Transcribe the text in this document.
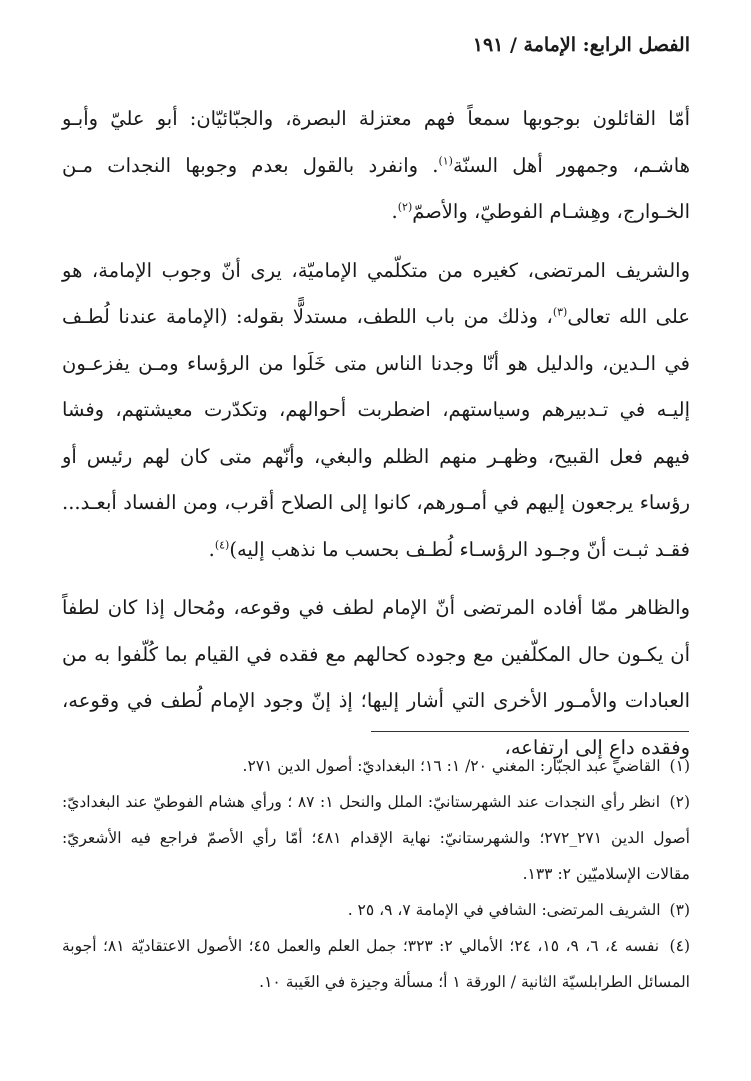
الفصل الرابع: الإمامة / ١٩١

أمّا القائلون بوجوبها سمعاً فهم معتزلة البصرة، والجبّائيّان: أبو عليّ وأبـو هاشـم، وجمهور أهل السنّة$^{(١)}$. وانفرد بالقول بعدم وجوبها النجدات مـن الخـوارج، وهِشـام الفوطيّ، والأصمّ$^{(٢)}$.

والشريف المرتضى، كغيره من متكلّمي الإماميّة، يرى أنّ وجوب الإمامة، هو على الله تعالى$^{(٣)}$، وذلك من باب اللطف، مستدلًّا بقوله: (الإمامة عندنا لُطـف في الـدين، والدليل هو أنّا وجدنا الناس متى خَلَوا من الرؤساء ومـن يفزعـون إليـه في تـدبيرهم وسياستهم، اضطربت أحوالهم، وتكدّرت معيشتهم، وفشا فيهم فعل القبيح، وظهـر منهم الظلم والبغي، وأنّهم متى كان لهم رئيس أو رؤساء يرجعون إليهم في أمـورهم، كانوا إلى الصلاح أقرب، ومن الفساد أبعـد... فقـد ثبـت أنّ وجـود الرؤسـاء لُطـف بحسب ما نذهب إليه)$^{(٤)}$.

والظاهر ممّا أفاده المرتضى أنّ الإمام لطف في وقوعه، ومُحال إذا كان لطفاً أن يكـون حال المكلّفين مع وجوده كحالهم مع فقده في القيام بما كُلّفوا به من العبادات والأمـور الأخرى التي أشار إليها؛ إذ إنّ وجود الإمام لُطف في وقوعه، وفقده داعٍ إلى ارتفاعه،

(١) القاضي عبد الجبّار: المغني ٢٠/ ١: ١٦؛ البغداديّ: أصول الدين ٢٧١.

(٢) انظر رأي النجدات عند الشهرستانيّ: الملل والنحل ١: ٨٧ ؛ ورأي هشام الفوطيّ عند البغداديّ: أصول الدين ٢٧١_٢٧٢؛ والشهرستانيّ: نهاية الإقدام ٤٨١؛ أمّا رأي الأصمّ فراجع فيه الأشعريّ: مقالات الإسلاميّين ٢: ١٣٣.

(٣) الشريف المرتضى: الشافي في الإمامة ٧، ٩، ٢٥ .

(٤) نفسه ٤، ٦، ٩، ١٥، ٢٤؛ الأمالي ٢: ٣٢٣؛ جمل العلم والعمل ٤٥؛ الأصول الاعتقاديّة ٨١؛ أجوبة المسائل الطرابلسيّة الثانية / الورقة ١ أ؛ مسألة وجيزة في الغَيبة ١٠.
